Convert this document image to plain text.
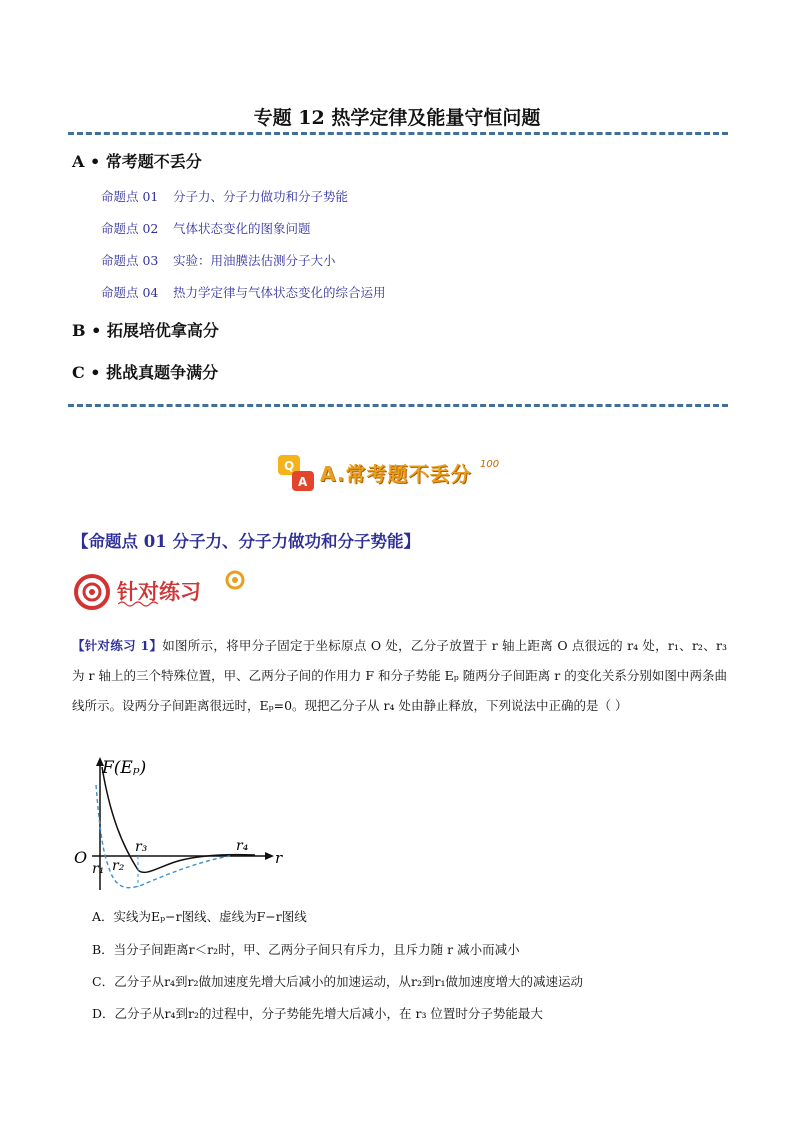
专题 12 热学定律及能量守恒问题
A • 常考题不丢分
命题点 01 分子力、分子力做功和分子势能
命题点 02 气体状态变化的图象问题
命题点 03 实验：用油膜法估测分子大小
命题点 04 热力学定律与气体状态变化的综合运用
B • 拓展培优拿高分
C • 挑战真题争满分
Q
A
100
A.常考题不丢分
【命题点 01 分子力、分子力做功和分子势能】
针对练习
【针对练习 1】如图所示，将甲分子固定于坐标原点 O 处，乙分子放置于 r 轴上距离 O 点很远的 r₄ 处，r₁、r₂、r₃ 为 r 轴上的三个特殊位置，甲、乙两分子间的作用力 F 和分子势能 Eₚ 随两分子间距离 r 的变化关系分别如图中两条曲线所示。设两分子间距离很远时，Eₚ=0。现把乙分子从 r₄ 处由静止释放，下列说法中正确的是（ ）
F(Eₚ)
r
O
r₁ r₂
r₃	r₄
A．实线为Eₚ−r图线、虚线为F−r图线
B．当分子间距离r＜r₂时，甲、乙两分子间只有斥力，且斥力随 r 减小而减小
C．乙分子从r₄到r₂做加速度先增大后减小的加速运动，从r₂到r₁做加速度增大的减速运动
D．乙分子从r₄到r₂的过程中，分子势能先增大后减小，在 r₃ 位置时分子势能最大
